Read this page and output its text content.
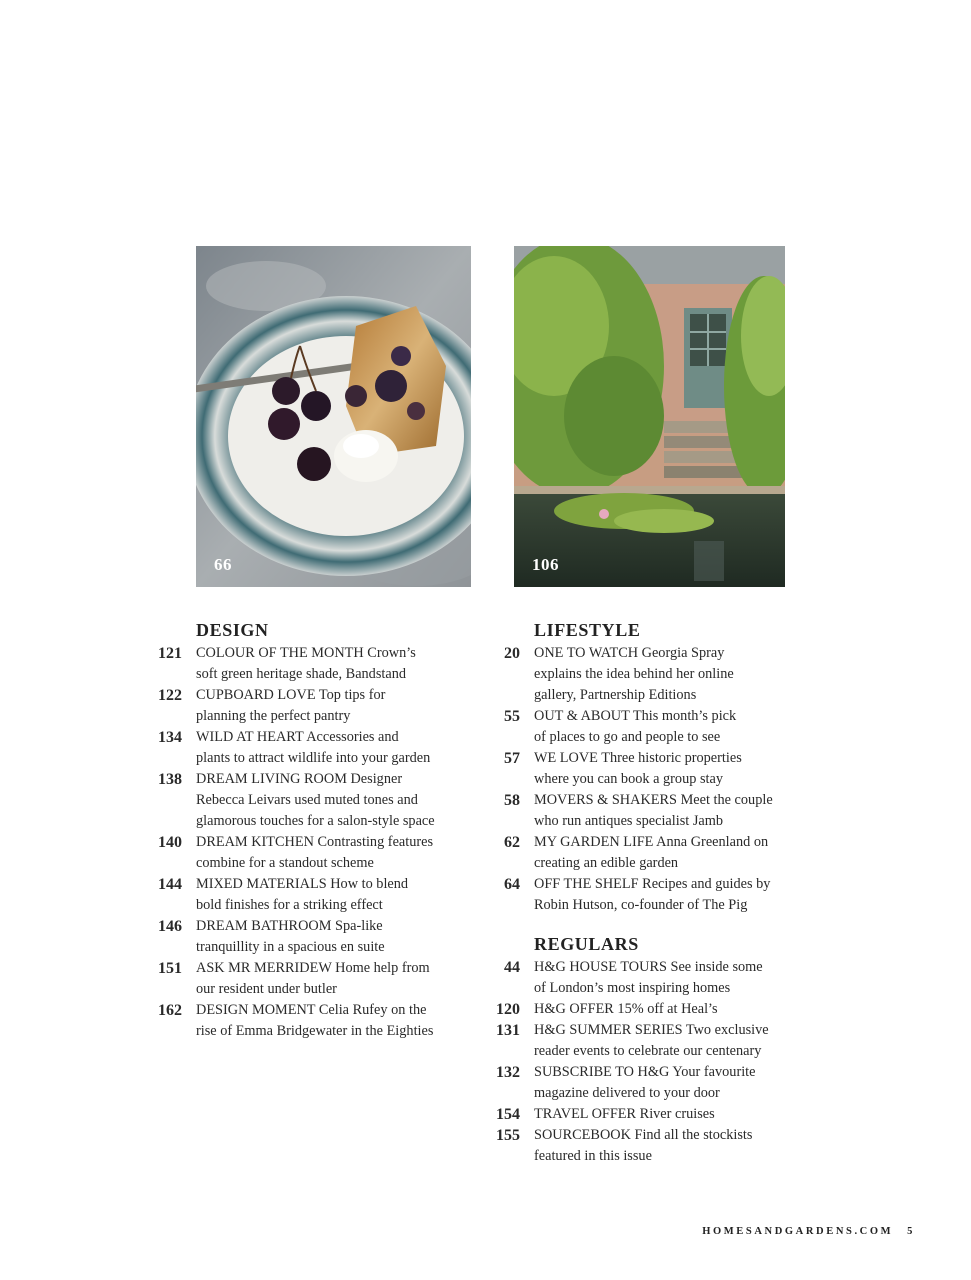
66	106
DESIGN
121 COLOUR OF THE MONTH Crown’s
soft green heritage shade, Bandstand
122 CUPBOARD LOVE Top tips for
planning the perfect pantry
134 WILD AT HEART Accessories and
plants to attract wildlife into your garden
138 DREAM LIVING ROOM Designer
Rebecca Leivars used muted tones and
glamorous touches for a salon-style space
140 DREAM KITCHEN Contrasting features
combine for a standout scheme
144 MIXED MATERIALS How to blend
bold finishes for a striking effect
146 DREAM BATHROOM Spa-like
tranquillity in a spacious en suite
151 ASK MR MERRIDEW Home help from
our resident under butler
162 DESIGN MOMENT Celia Rufey on the
rise of Emma Bridgewater in the Eighties
LIFESTYLE
20 ONE TO WATCH Georgia Spray
explains the idea behind her online
gallery, Partnership Editions
55 OUT & ABOUT This month’s pick
of places to go and people to see
57 WE LOVE Three historic properties
where you can book a group stay
58 MOVERS & SHAKERS Meet the couple
who run antiques specialist Jamb
62 MY GARDEN LIFE Anna Greenland on
creating an edible garden
64 OFF THE SHELF Recipes and guides by
Robin Hutson, co-founder of The Pig
REGULARS
44 H&G HOUSE TOURS See inside some
of London’s most inspiring homes
120 H&G OFFER 15% off at Heal’s
131 H&G SUMMER SERIES Two exclusive
reader events to celebrate our centenary
132 SUBSCRIBE TO H&G Your favourite
magazine delivered to your door
154 TRAVEL OFFER River cruises
155 SOURCEBOOK Find all the stockists
featured in this issue
HOMESANDGARDENS.COM 5
